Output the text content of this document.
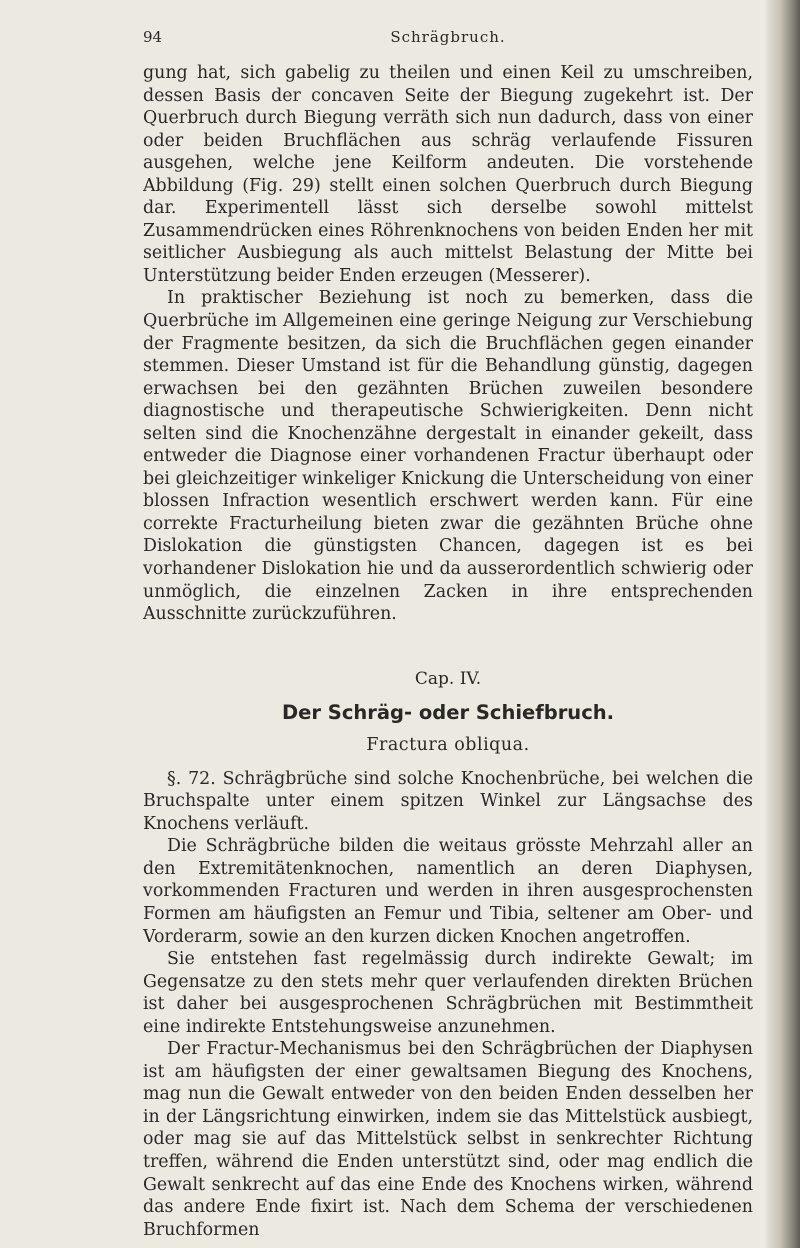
94	Schrägbruch.

gung hat, sich gabelig zu theilen und einen Keil zu umschreiben, dessen Basis der concaven Seite der Biegung zugekehrt ist. Der Querbruch durch Biegung verräth sich nun dadurch, dass von einer oder beiden Bruchflächen aus schräg verlaufende Fissuren ausgehen, welche jene Keilform andeuten. Die vorstehende Abbildung (Fig. 29) stellt einen solchen Querbruch durch Biegung dar. Experimentell lässt sich derselbe sowohl mittelst Zusammendrücken eines Röhrenknochens von beiden Enden her mit seitlicher Ausbiegung als auch mittelst Belastung der Mitte bei Unterstützung beider Enden erzeugen (Messerer).

In praktischer Beziehung ist noch zu bemerken, dass die Querbrüche im Allgemeinen eine geringe Neigung zur Verschiebung der Fragmente besitzen, da sich die Bruchflächen gegen einander stemmen. Dieser Umstand ist für die Behandlung günstig, dagegen erwachsen bei den gezähnten Brüchen zuweilen besondere diagnostische und therapeutische Schwierigkeiten. Denn nicht selten sind die Knochenzähne dergestalt in einander gekeilt, dass entweder die Diagnose einer vorhandenen Fractur überhaupt oder bei gleichzeitiger winkeliger Knickung die Unterscheidung von einer blossen Infraction wesentlich erschwert werden kann. Für eine correkte Fracturheilung bieten zwar die gezähnten Brüche ohne Dislokation die günstigsten Chancen, dagegen ist es bei vorhandener Dislokation hie und da ausserordentlich schwierig oder unmöglich, die einzelnen Zacken in ihre entsprechenden Ausschnitte zurückzuführen.

Cap. IV.
Der Schräg- oder Schiefbruch.
Fractura obliqua.

§. 72. Schrägbrüche sind solche Knochenbrüche, bei welchen die Bruchspalte unter einem spitzen Winkel zur Längsachse des Knochens verläuft.

Die Schrägbrüche bilden die weitaus grösste Mehrzahl aller an den Extremitätenknochen, namentlich an deren Diaphysen, vorkommenden Fracturen und werden in ihren ausgesprochensten Formen am häufigsten an Femur und Tibia, seltener am Ober- und Vorderarm, sowie an den kurzen dicken Knochen angetroffen.

Sie entstehen fast regelmässig durch indirekte Gewalt; im Gegensatze zu den stets mehr quer verlaufenden direkten Brüchen ist daher bei ausgesprochenen Schrägbrüchen mit Bestimmtheit eine indirekte Entstehungsweise anzunehmen.

Der Fractur-Mechanismus bei den Schrägbrüchen der Diaphysen ist am häufigsten der einer gewaltsamen Biegung des Knochens, mag nun die Gewalt entweder von den beiden Enden desselben her in der Längsrichtung einwirken, indem sie das Mittelstück ausbiegt, oder mag sie auf das Mittelstück selbst in senkrechter Richtung treffen, während die Enden unterstützt sind, oder mag endlich die Gewalt senkrecht auf das eine Ende des Knochens wirken, während das andere Ende fixirt ist. Nach dem Schema der verschiedenen Bruchformen
